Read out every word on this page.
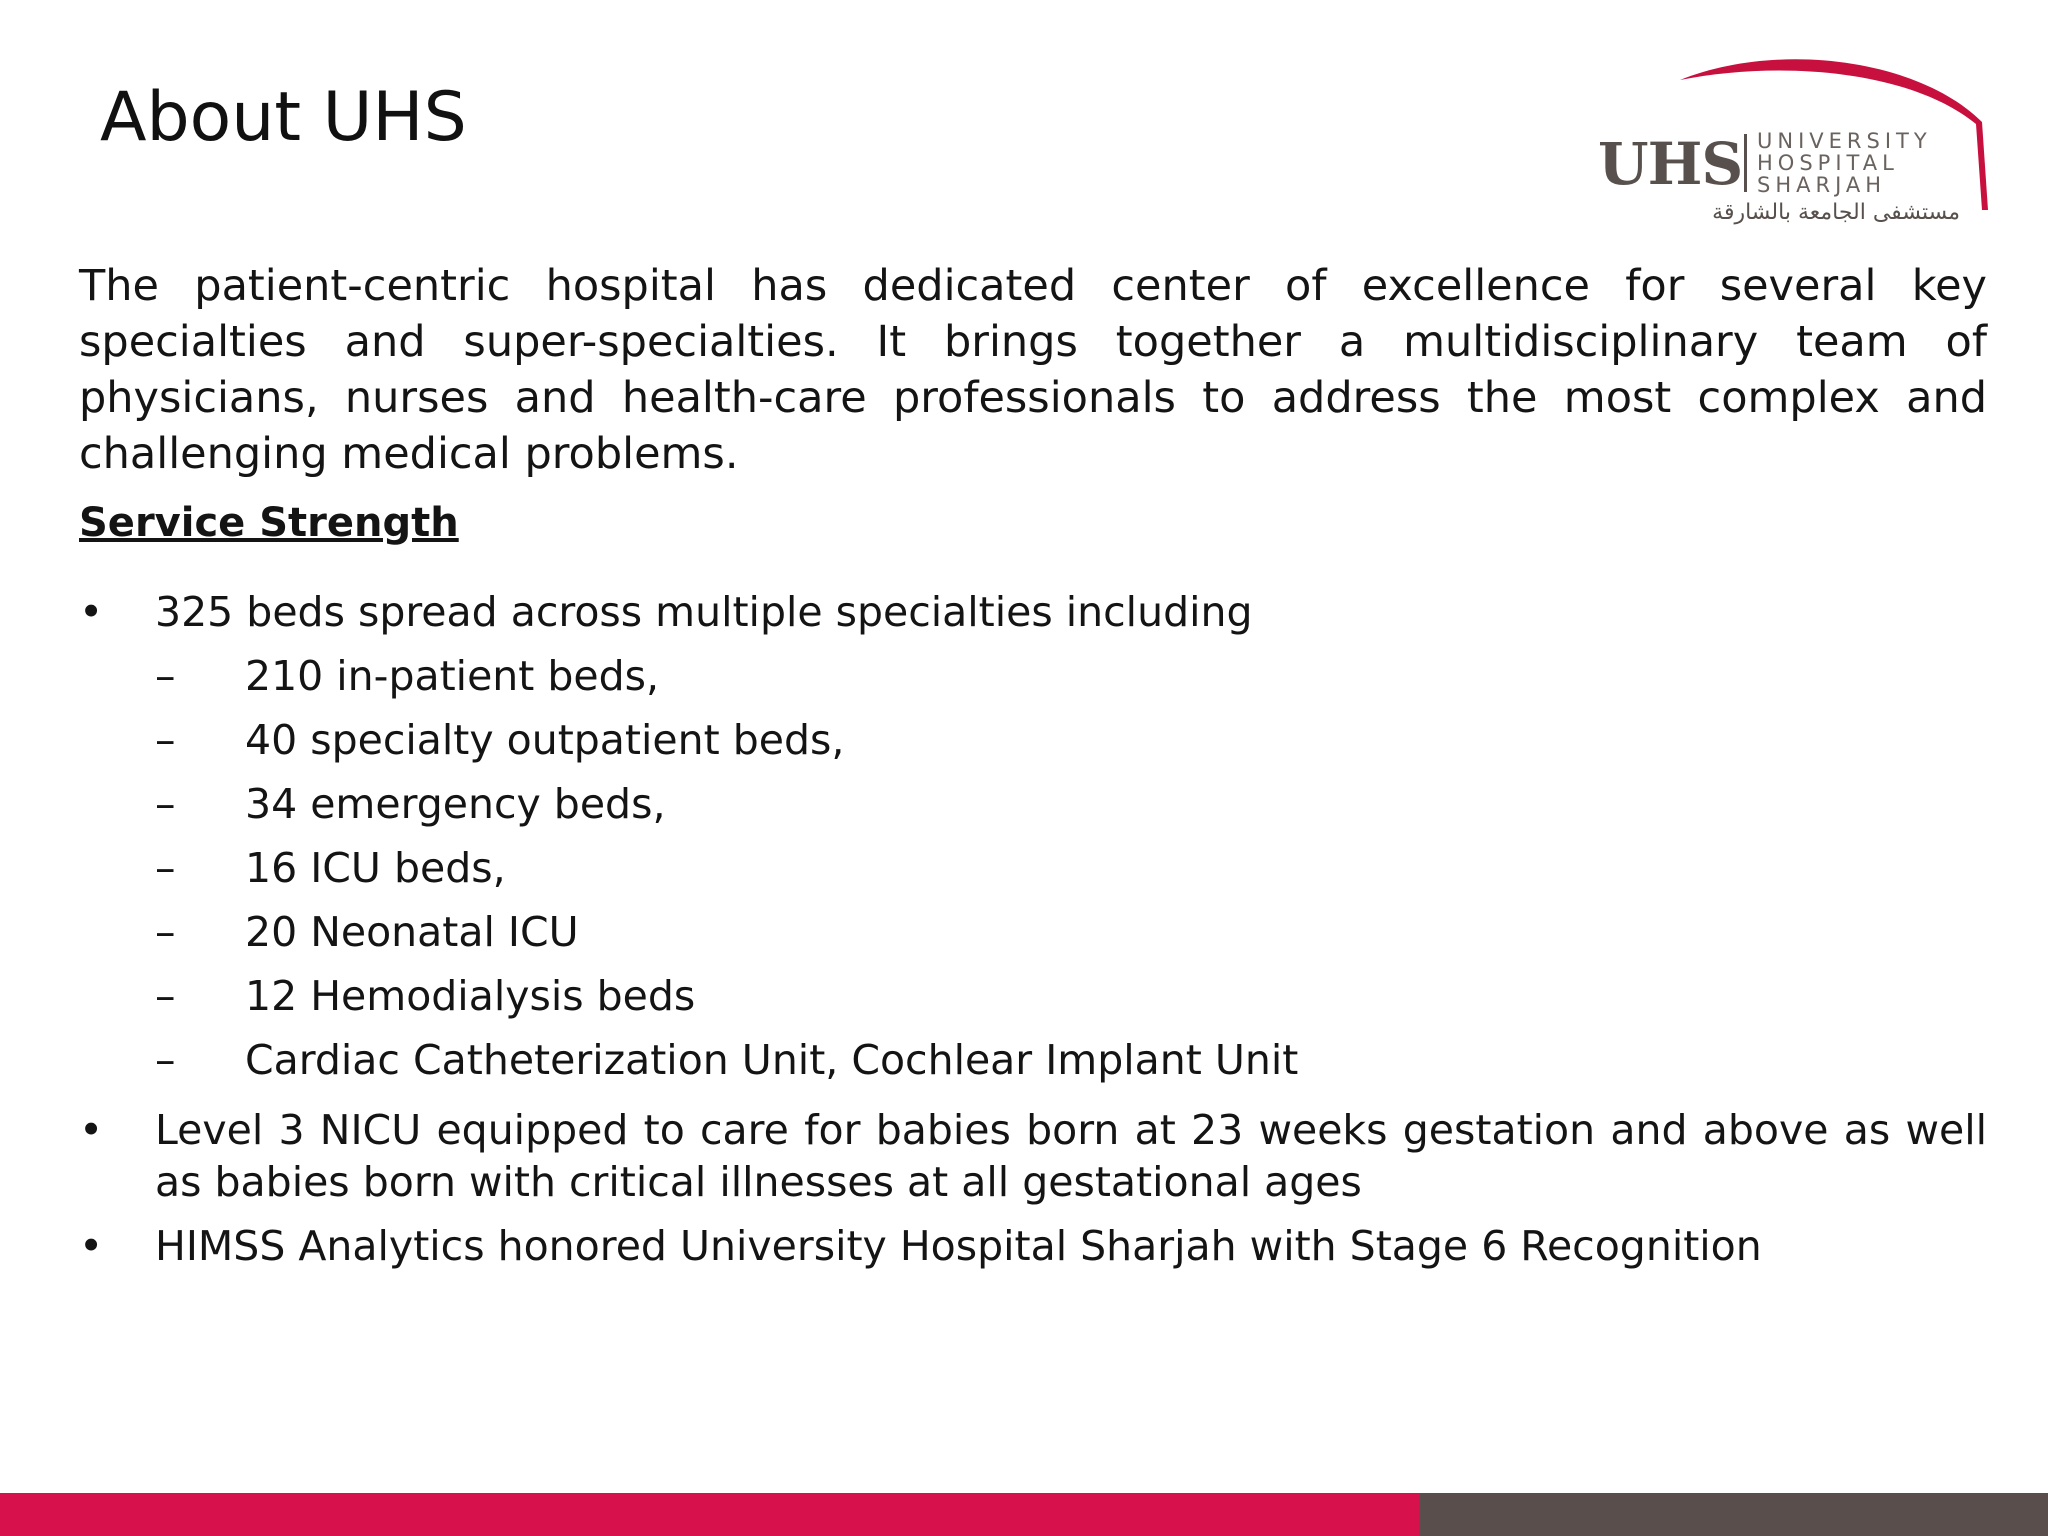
About UHS
UHS UNIVERSITY
HOSPITAL
SHARJAH
مستشفى الجامعة بالشارقة

The patient-centric hospital has dedicated center of excellence for several key specialties and super-specialties. It brings together a multidisciplinary team of physicians, nurses and health-care professionals to address the most complex and challenging medical problems.

Service Strength
• 325 beds spread across multiple specialties including
– 210 in-patient beds,
– 40 specialty outpatient beds,
– 34 emergency beds,
– 16 ICU beds,
– 20 Neonatal ICU
– 12 Hemodialysis beds
– Cardiac Catheterization Unit, Cochlear Implant Unit
• Level 3 NICU equipped to care for babies born at 23 weeks gestation and above as well as babies born with critical illnesses at all gestational ages
• HIMSS Analytics honored University Hospital Sharjah with Stage 6 Recognition
